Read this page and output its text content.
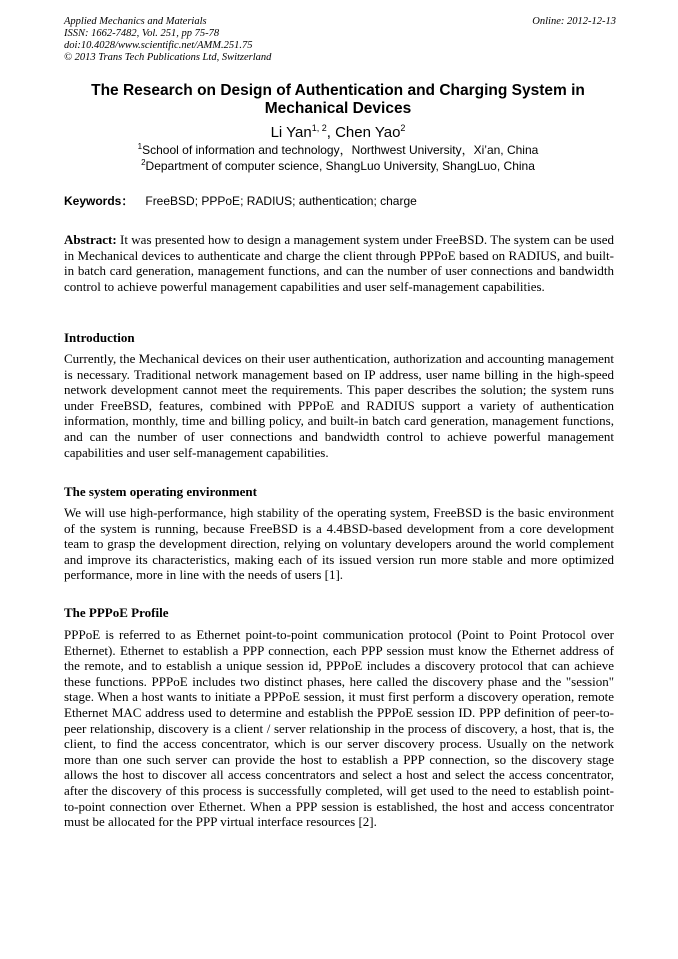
Applied Mechanics and Materials
ISSN: 1662-7482, Vol. 251, pp 75-78
doi:10.4028/www.scientific.net/AMM.251.75
© 2013 Trans Tech Publications Ltd, Switzerland
Online: 2012-12-13
The Research on Design of Authentication and Charging System in Mechanical Devices
Li Yan$^{1, 2}$, Chen Yao$^2$
$^1$School of information and technology，Northwest University，Xi’an, China
$^2$Department of computer science, ShangLuo University, ShangLuo, China
Keywords： FreeBSD; PPPoE; RADIUS; authentication; charge
Abstract: It was presented how to design a management system under FreeBSD. The system can be used in Mechanical devices to authenticate and charge the client through PPPoE based on RADIUS, and built-in batch card generation, management functions, and can the number of user connections and bandwidth control to achieve powerful management capabilities and user self-management capabilities.
Introduction
Currently, the Mechanical devices on their user authentication, authorization and accounting management is necessary. Traditional network management based on IP address, user name billing in the high-speed network development cannot meet the requirements. This paper describes the solution; the system runs under FreeBSD, features, combined with PPPoE and RADIUS support a variety of authentication information, monthly, time and billing policy, and built-in batch card generation, management functions, and can the number of user connections and bandwidth control to achieve powerful management capabilities and user self-management capabilities.
The system operating environment
We will use high-performance, high stability of the operating system, FreeBSD is the basic environment of the system is running, because FreeBSD is a 4.4BSD-based development from a core development team to grasp the development direction, relying on voluntary developers around the world complement and improve its characteristics, making each of its issued version run more stable and more optimized performance, more in line with the needs of users [1].
The PPPoE Profile
PPPoE is referred to as Ethernet point-to-point communication protocol (Point to Point Protocol over Ethernet). Ethernet to establish a PPP connection, each PPP session must know the Ethernet address of the remote, and to establish a unique session id, PPPoE includes a discovery protocol that can achieve these functions. PPPoE includes two distinct phases, here called the discovery phase and the "session" stage. When a host wants to initiate a PPPoE session, it must first perform a discovery operation, remote Ethernet MAC address used to determine and establish the PPPoE session ID. PPP definition of peer-to-peer relationship, discovery is a client / server relationship in the process of discovery, a host, that is, the client, to find the access concentrator, which is our server discovery process. Usually on the network more than one such server can provide the host to establish a PPP connection, so the discovery stage allows the host to discover all access concentrators and select a host and select the access concentrator, after the discovery of this process is successfully completed, will get used to the need to establish point-to-point connection over Ethernet. When a PPP session is established, the host and access concentrator must be allocated for the PPP virtual interface resources [2].
